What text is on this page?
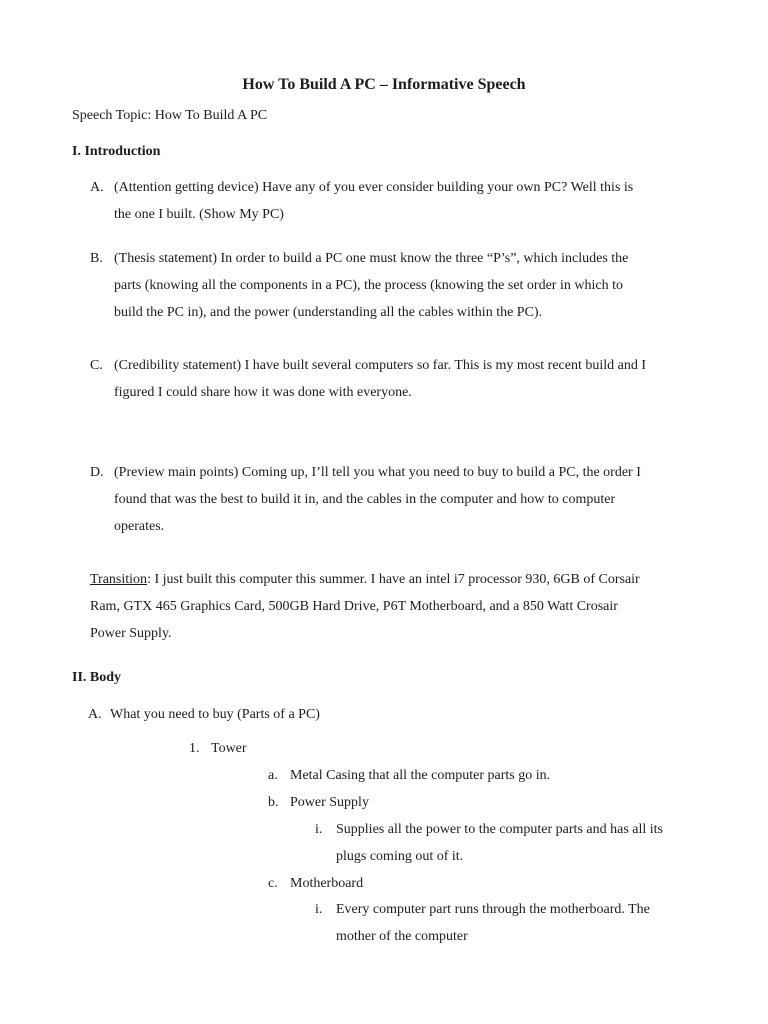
How To Build A PC – Informative Speech
Speech Topic: How To Build A PC
I. Introduction
A. (Attention getting device) Have any of you ever consider building your own PC? Well this is
the one I built. (Show My PC)
B. (Thesis statement) In order to build a PC one must know the three “P’s”, which includes the
parts (knowing all the components in a PC), the process (knowing the set order in which to
build the PC in), and the power (understanding all the cables within the PC).
C. (Credibility statement) I have built several computers so far. This is my most recent build and I
figured I could share how it was done with everyone.
D. (Preview main points) Coming up, I’ll tell you what you need to buy to build a PC, the order I
found that was the best to build it in, and the cables in the computer and how to computer
operates.
Transition: I just built this computer this summer. I have an intel i7 processor 930, 6GB of Corsair
Ram, GTX 465 Graphics Card, 500GB Hard Drive, P6T Motherboard, and a 850 Watt Crosair
Power Supply.
II. Body
A. What you need to buy (Parts of a PC)
1. Tower
a. Metal Casing that all the computer parts go in.
b. Power Supply
i. Supplies all the power to the computer parts and has all its
plugs coming out of it.
c. Motherboard
i. Every computer part runs through the motherboard. The
mother of the computer
